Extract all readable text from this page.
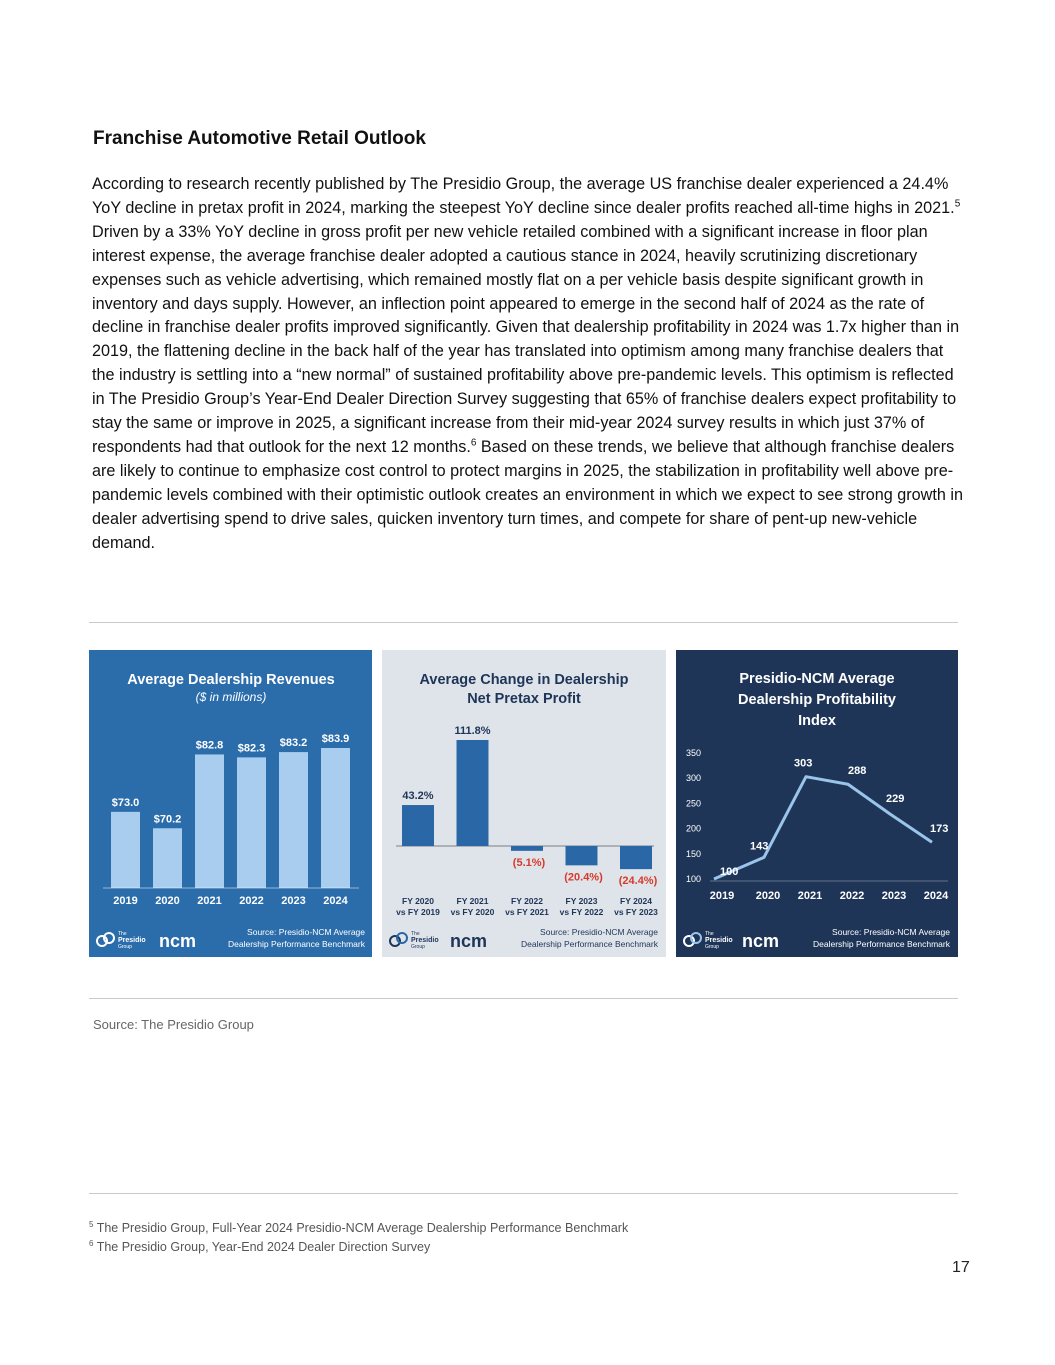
Franchise Automotive Retail Outlook

According to research recently published by The Presidio Group, the average US franchise dealer experienced a 24.4% YoY decline in pretax profit in 2024, marking the steepest YoY decline since dealer profits reached all-time highs in 2021.$^5$ Driven by a 33% YoY decline in gross profit per new vehicle retailed combined with a significant increase in floor plan interest expense, the average franchise dealer adopted a cautious stance in 2024, heavily scrutinizing discretionary expenses such as vehicle advertising, which remained mostly flat on a per vehicle basis despite significant growth in inventory and days supply. However, an inflection point appeared to emerge in the second half of 2024 as the rate of decline in franchise dealer profits improved significantly. Given that dealership profitability in 2024 was 1.7x higher than in 2019, the flattening decline in the back half of the year has translated into optimism among many franchise dealers that the industry is settling into a “new normal” of sustained profitability above pre-pandemic levels. This optimism is reflected in The Presidio Group’s Year-End Dealer Direction Survey suggesting that 65% of franchise dealers expect profitability to stay the same or improve in 2025, a significant increase from their mid-year 2024 survey results in which just 37% of respondents had that outlook for the next 12 months.$^6$ Based on these trends, we believe that although franchise dealers are likely to continue to emphasize cost control to protect margins in 2025, the stabilization in profitability well above pre-pandemic levels combined with their optimistic outlook creates an environment in which we expect to see strong growth in dealer advertising spend to drive sales, quicken inventory turn times, and compete for share of pent-up new-vehicle demand.

Average Dealership Revenues
($ in millions)
$73.0
2019
$70.2
2020
$82.8
2021
$82.3
2022
$83.2
2023
$83.9
2024
The
Presidio
Group ncm	Source: Presidio-NCM Average
Dealership Performance Benchmark
Average Change in Dealership
Net Pretax Profit
43.2%
FY 2020
vs FY 2019
111.8%
FY 2021
vs FY 2020
(5.1%)
FY 2022
vs FY 2021
(20.4%)
FY 2023
vs FY 2022
(24.4%)
FY 2024
vs FY 2023
The
Presidio
Group ncm	Source: Presidio-NCM Average
Dealership Performance Benchmark
Presidio-NCM Average
Dealership Profitability
Index
100
150
200
250
300
350
100
143
303
288
229
173
2019 2020 2021 2022 2023 2024
The
Presidio
Group ncm	Source: Presidio-NCM Average
Dealership Performance Benchmark

Source: The Presidio Group

$^5$ The Presidio Group, Full-Year 2024 Presidio-NCM Average Dealership Performance Benchmark
$^6$ The Presidio Group, Year-End 2024 Dealer Direction Survey
17
